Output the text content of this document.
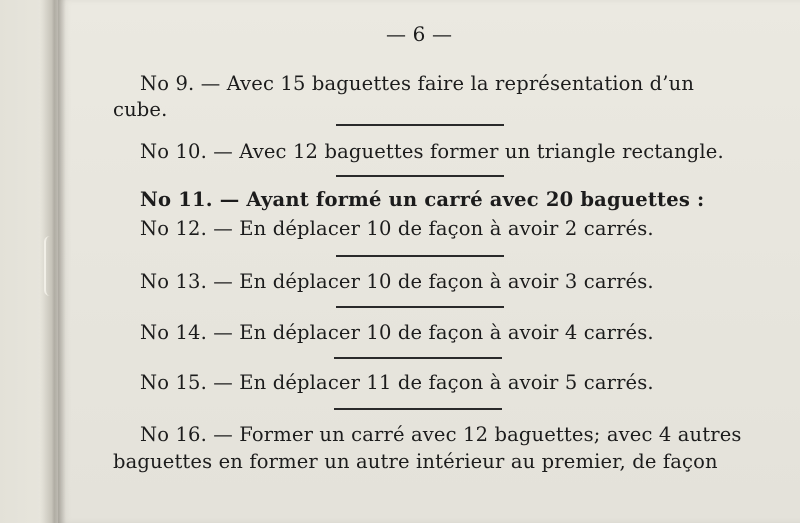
— 6 —
No 9. — Avec 15 baguettes faire la représentation d’un
cube.
No 10. — Avec 12 baguettes former un triangle rectangle.
No 11. — Ayant formé un carré avec 20 baguettes :
No 12. — En déplacer 10 de façon à avoir 2 carrés.
No 13. — En déplacer 10 de façon à avoir 3 carrés.
No 14. — En déplacer 10 de façon à avoir 4 carrés.
No 15. — En déplacer 11 de façon à avoir 5 carrés.
No 16. — Former un carré avec 12 baguettes; avec 4 autres
baguettes en former un autre intérieur au premier, de façon
